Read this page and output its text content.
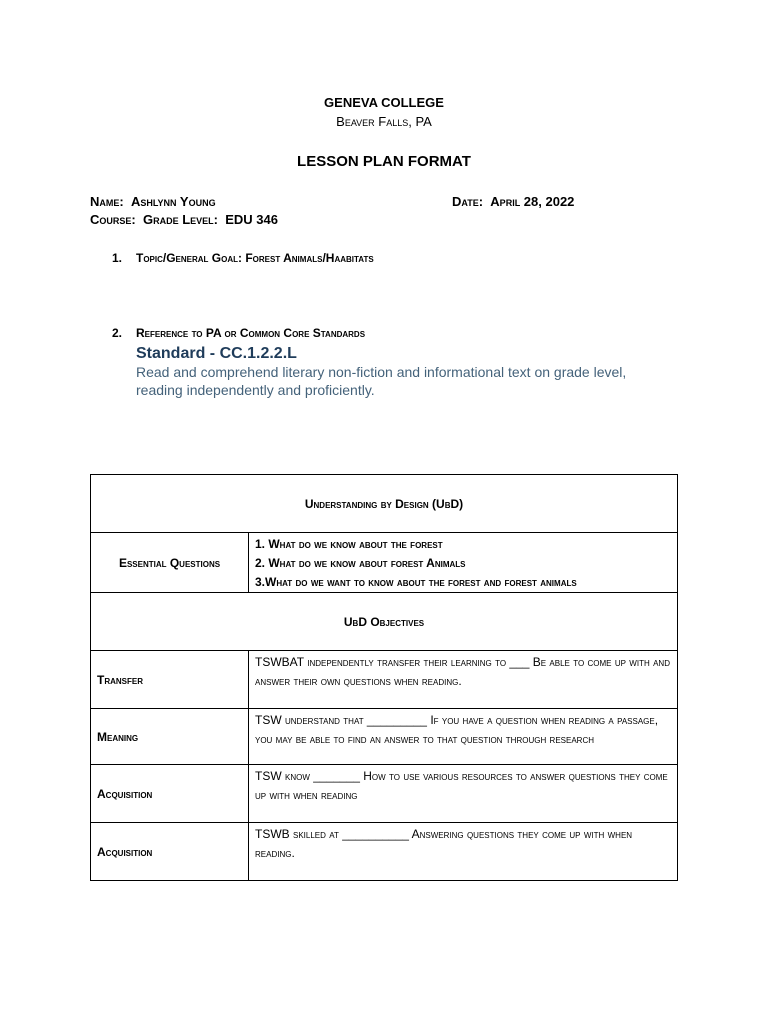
GENEVA COLLEGE
Beaver Falls, PA
LESSON PLAN FORMAT
Name: Ashlynn Young	Date: April 28, 2022
Course: Grade Level: EDU 346
1. Topic/General Goal: Forest Animals/Haabitats
2. Reference to PA or Common Core Standards
Standard - CC.1.2.2.L
Read and comprehend literary non-fiction and informational text on grade level, reading independently and proficiently.
Understanding by Design (UbD)	
Essential Questions	1. What do we know about the forest
2. What do we know about forest Animals
3.What do we want to know about the forest and forest animals

UbD Objectives	
Transfer	TSWBAT independently transfer their learning to ___ Be able to come up with and answer their own questions when reading.
Meaning	TSW understand that _________ If you have a question when reading a passage, you may be able to find an answer to that question through research
Acquisition	TSW know _______ How to use various resources to answer questions they come up with when reading
Acquisition	TSWB skilled at __________ Answering questions they come up with when reading.
